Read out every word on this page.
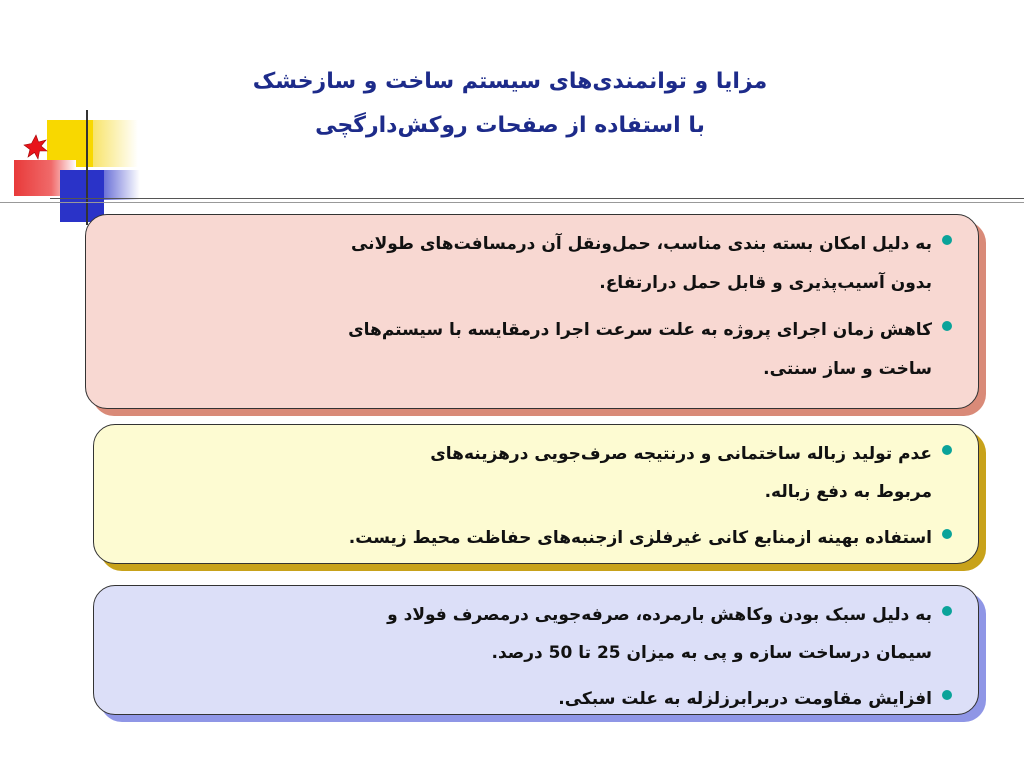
مزایا و توانمندی‌های سیستم ساخت و سازخشک
با استفاده از صفحات روکش‌دارگچی
به دلیل امکان بسته بندی مناسب، حمل‌ونقل آن درمسافت‌های طولانی
بدون آسیب‌پذیری و قابل حمل درارتفاع.
کاهش زمان اجرای پروژه به علت سرعت اجرا درمقایسه با سیستم‌های
ساخت و ساز سنتی.
عدم تولید زباله ساختمانی و درنتیجه صرف‌جویی درهزینه‌های
مربوط به دفع زباله.
استفاده بهینه ازمنابع کانی غیرفلزی ازجنبه‌های حفاظت محیط زیست.
به دلیل سبک بودن وکاهش بارمرده، صرفه‌جویی درمصرف فولاد و
سیمان درساخت سازه و پی به میزان 25 تا 50 درصد.
افزایش مقاومت دربرابرزلزله به علت سبکی.
